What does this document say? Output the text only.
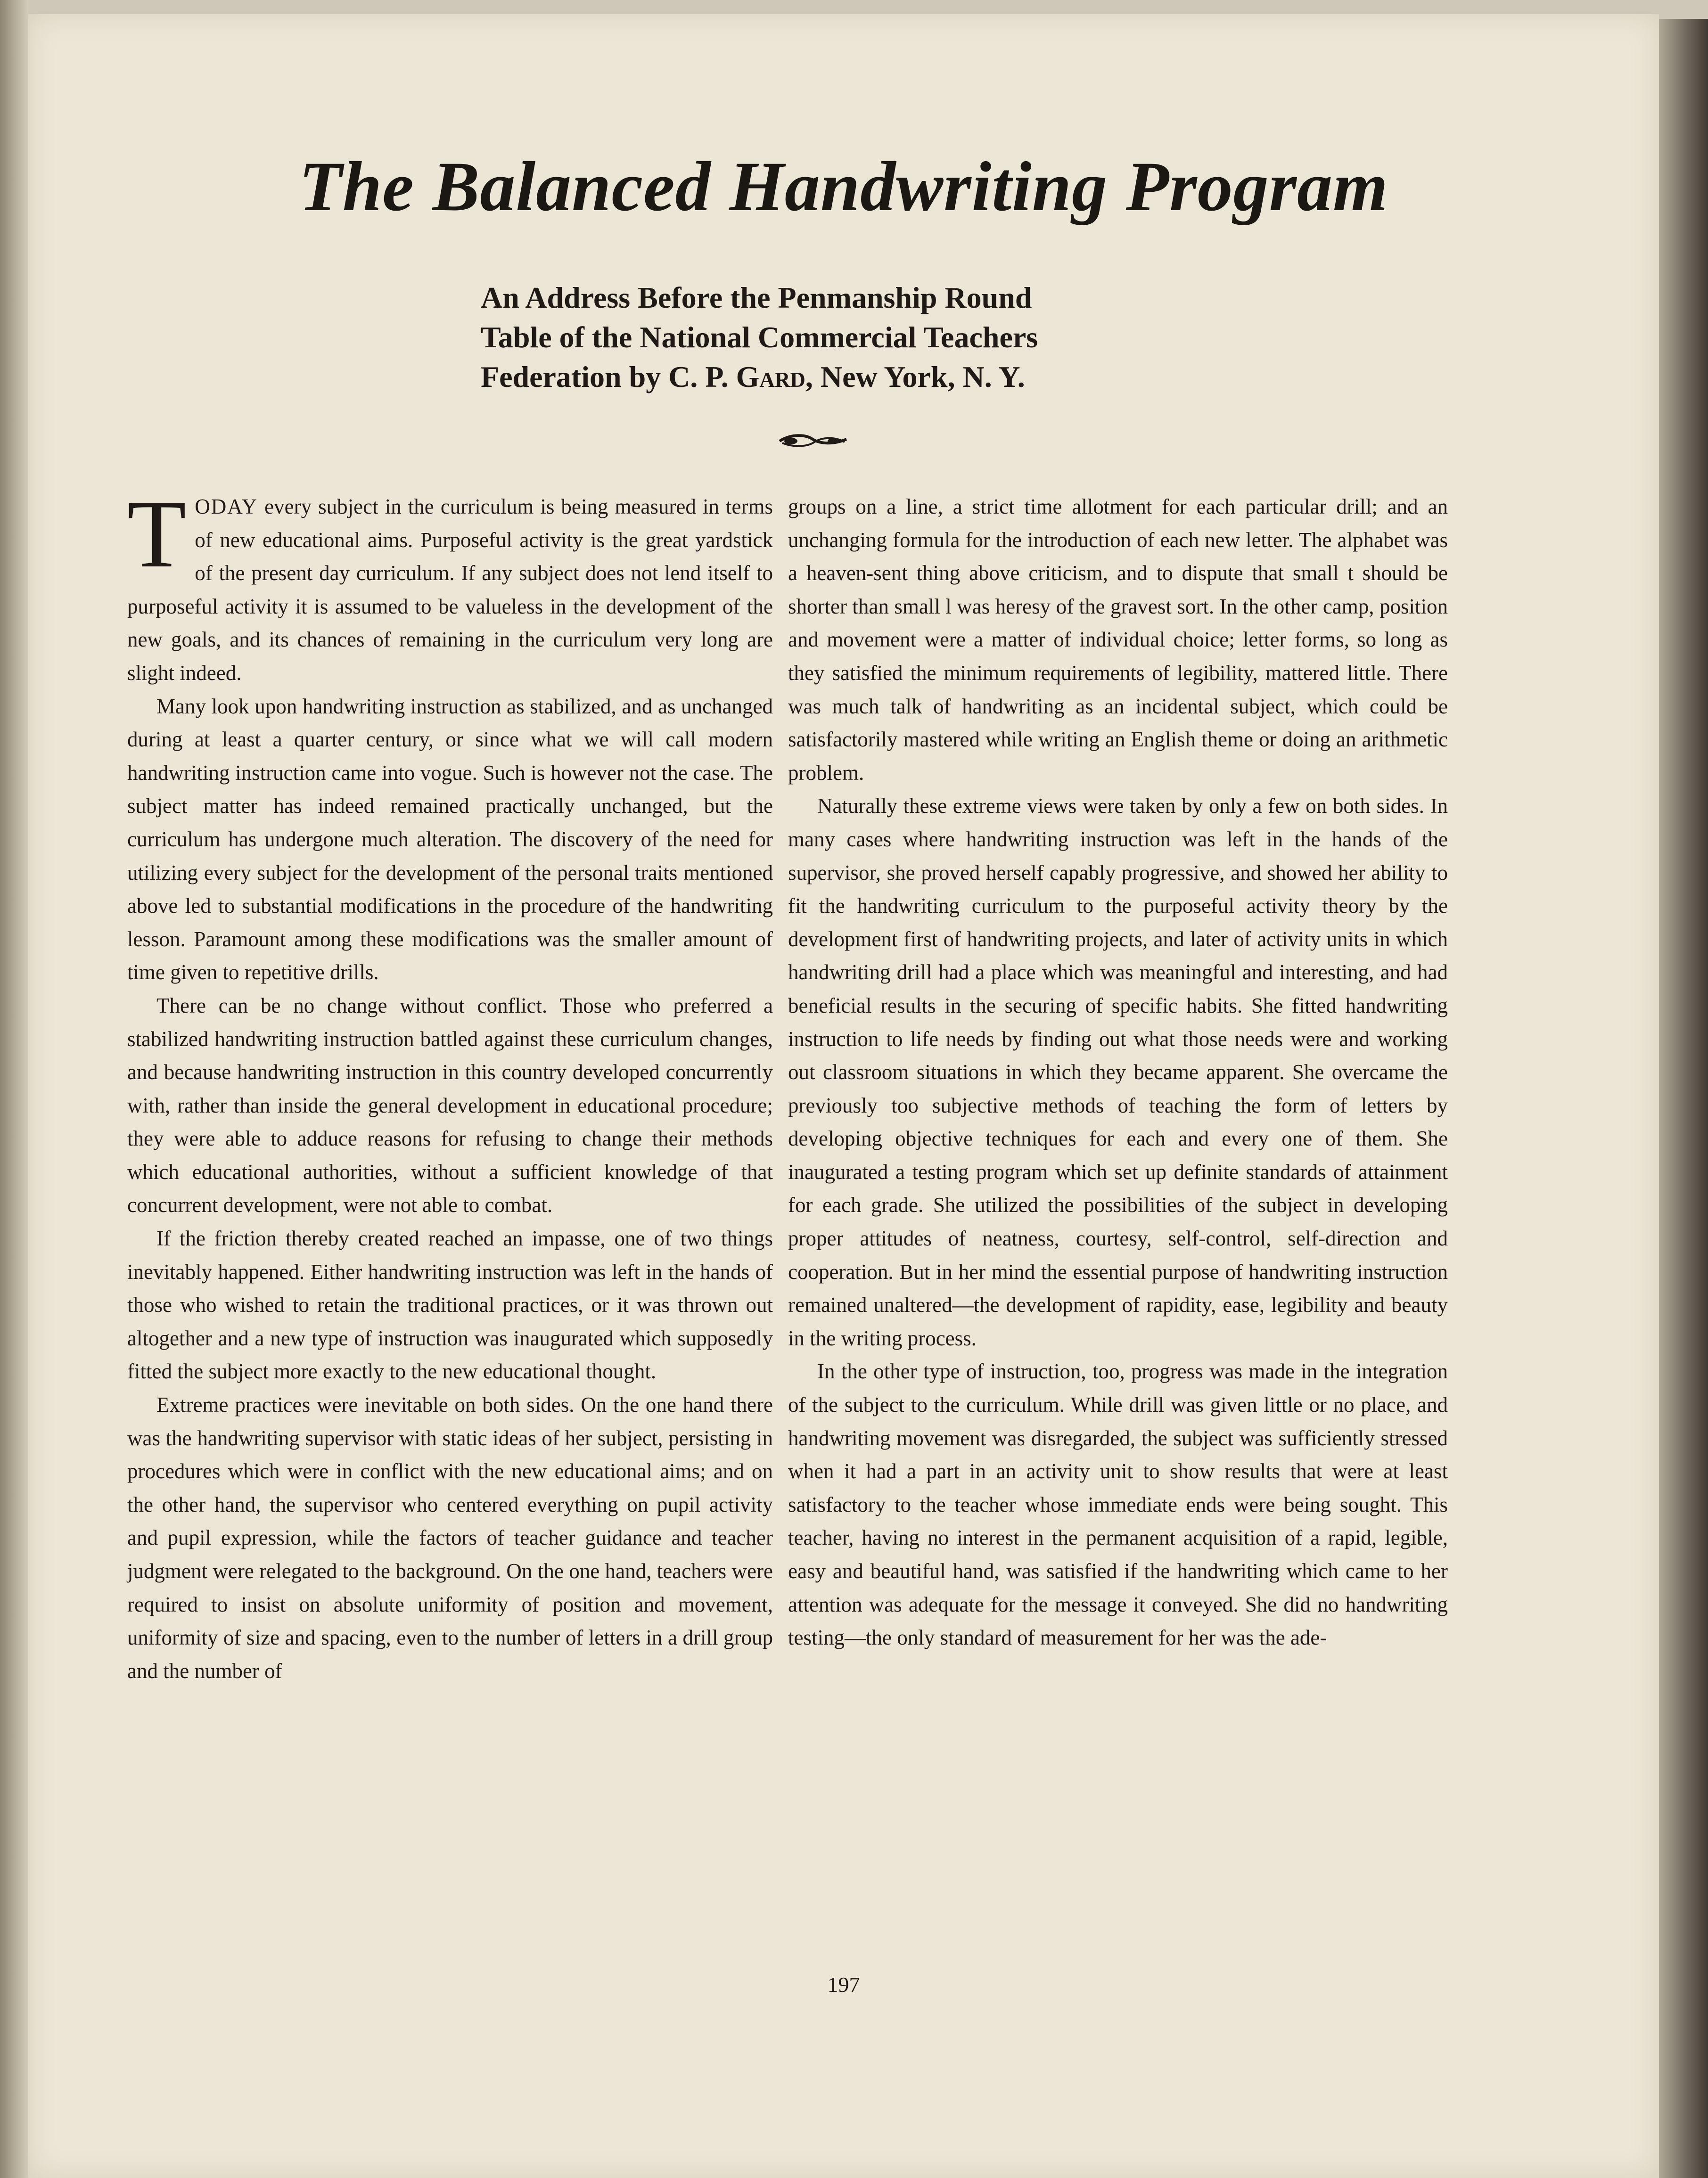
The Balanced Handwriting Program
An Address Before the Penmanship Round
Table of the National Commercial Teachers
Federation by C. P. Gard, New York, N. Y.

TODAY every subject in the curriculum is being measured in terms of new educational aims. Purposeful activity is the great yardstick of the present day curriculum. If any subject does not lend itself to purposeful activity it is assumed to be valueless in the development of the new goals, and its chances of remaining in the curriculum very long are slight indeed.

Many look upon handwriting instruction as stabilized, and as unchanged during at least a quarter century, or since what we will call modern handwriting instruction came into vogue. Such is however not the case. The subject matter has indeed remained practically unchanged, but the curriculum has undergone much alteration. The discovery of the need for utilizing every subject for the development of the personal traits mentioned above led to substantial modifications in the procedure of the handwriting lesson. Paramount among these modifications was the smaller amount of time given to repetitive drills.

There can be no change without conflict. Those who preferred a stabilized handwriting instruction battled against these curriculum changes, and because handwriting instruction in this country developed concurrently with, rather than inside the general development in educational procedure; they were able to adduce reasons for refusing to change their methods which educational authorities, without a sufficient knowledge of that concurrent development, were not able to combat.

If the friction thereby created reached an impasse, one of two things inevitably happened. Either handwriting instruction was left in the hands of those who wished to retain the traditional practices, or it was thrown out altogether and a new type of instruction was inaugurated which supposedly fitted the subject more exactly to the new educational thought.

Extreme practices were inevitable on both sides. On the one hand there was the handwriting supervisor with static ideas of her subject, persisting in procedures which were in conflict with the new educational aims; and on the other hand, the supervisor who centered everything on pupil activity and pupil expression, while the factors of teacher guidance and teacher judgment were relegated to the background. On the one hand, teachers were required to insist on absolute uniformity of position and movement, uniformity of size and spacing, even to the number of letters in a drill group and the number of

groups on a line, a strict time allotment for each particular drill; and an unchanging formula for the introduction of each new letter. The alphabet was a heaven-sent thing above criticism, and to dispute that small t should be shorter than small l was heresy of the gravest sort. In the other camp, position and movement were a matter of individual choice; letter forms, so long as they satisfied the minimum requirements of legibility, mattered little. There was much talk of handwriting as an incidental subject, which could be satisfactorily mastered while writing an English theme or doing an arithmetic problem.

Naturally these extreme views were taken by only a few on both sides. In many cases where handwriting instruction was left in the hands of the supervisor, she proved herself capably progressive, and showed her ability to fit the handwriting curriculum to the purposeful activity theory by the development first of handwriting projects, and later of activity units in which handwriting drill had a place which was meaningful and interesting, and had beneficial results in the securing of specific habits. She fitted handwriting instruction to life needs by finding out what those needs were and working out classroom situations in which they became apparent. She overcame the previously too subjective methods of teaching the form of letters by developing objective techniques for each and every one of them. She inaugurated a testing program which set up definite standards of attainment for each grade. She utilized the possibilities of the subject in developing proper attitudes of neatness, courtesy, self-control, self-direction and cooperation. But in her mind the essential purpose of handwriting instruction remained unaltered—the development of rapidity, ease, legibility and beauty in the writing process.

In the other type of instruction, too, progress was made in the integration of the subject to the curriculum. While drill was given little or no place, and handwriting movement was disregarded, the subject was sufficiently stressed when it had a part in an activity unit to show results that were at least satisfactory to the teacher whose immediate ends were being sought. This teacher, having no interest in the permanent acquisition of a rapid, legible, easy and beautiful hand, was satisfied if the handwriting which came to her attention was adequate for the message it conveyed. She did no handwriting testing—the only standard of measurement for her was the ade-

197
